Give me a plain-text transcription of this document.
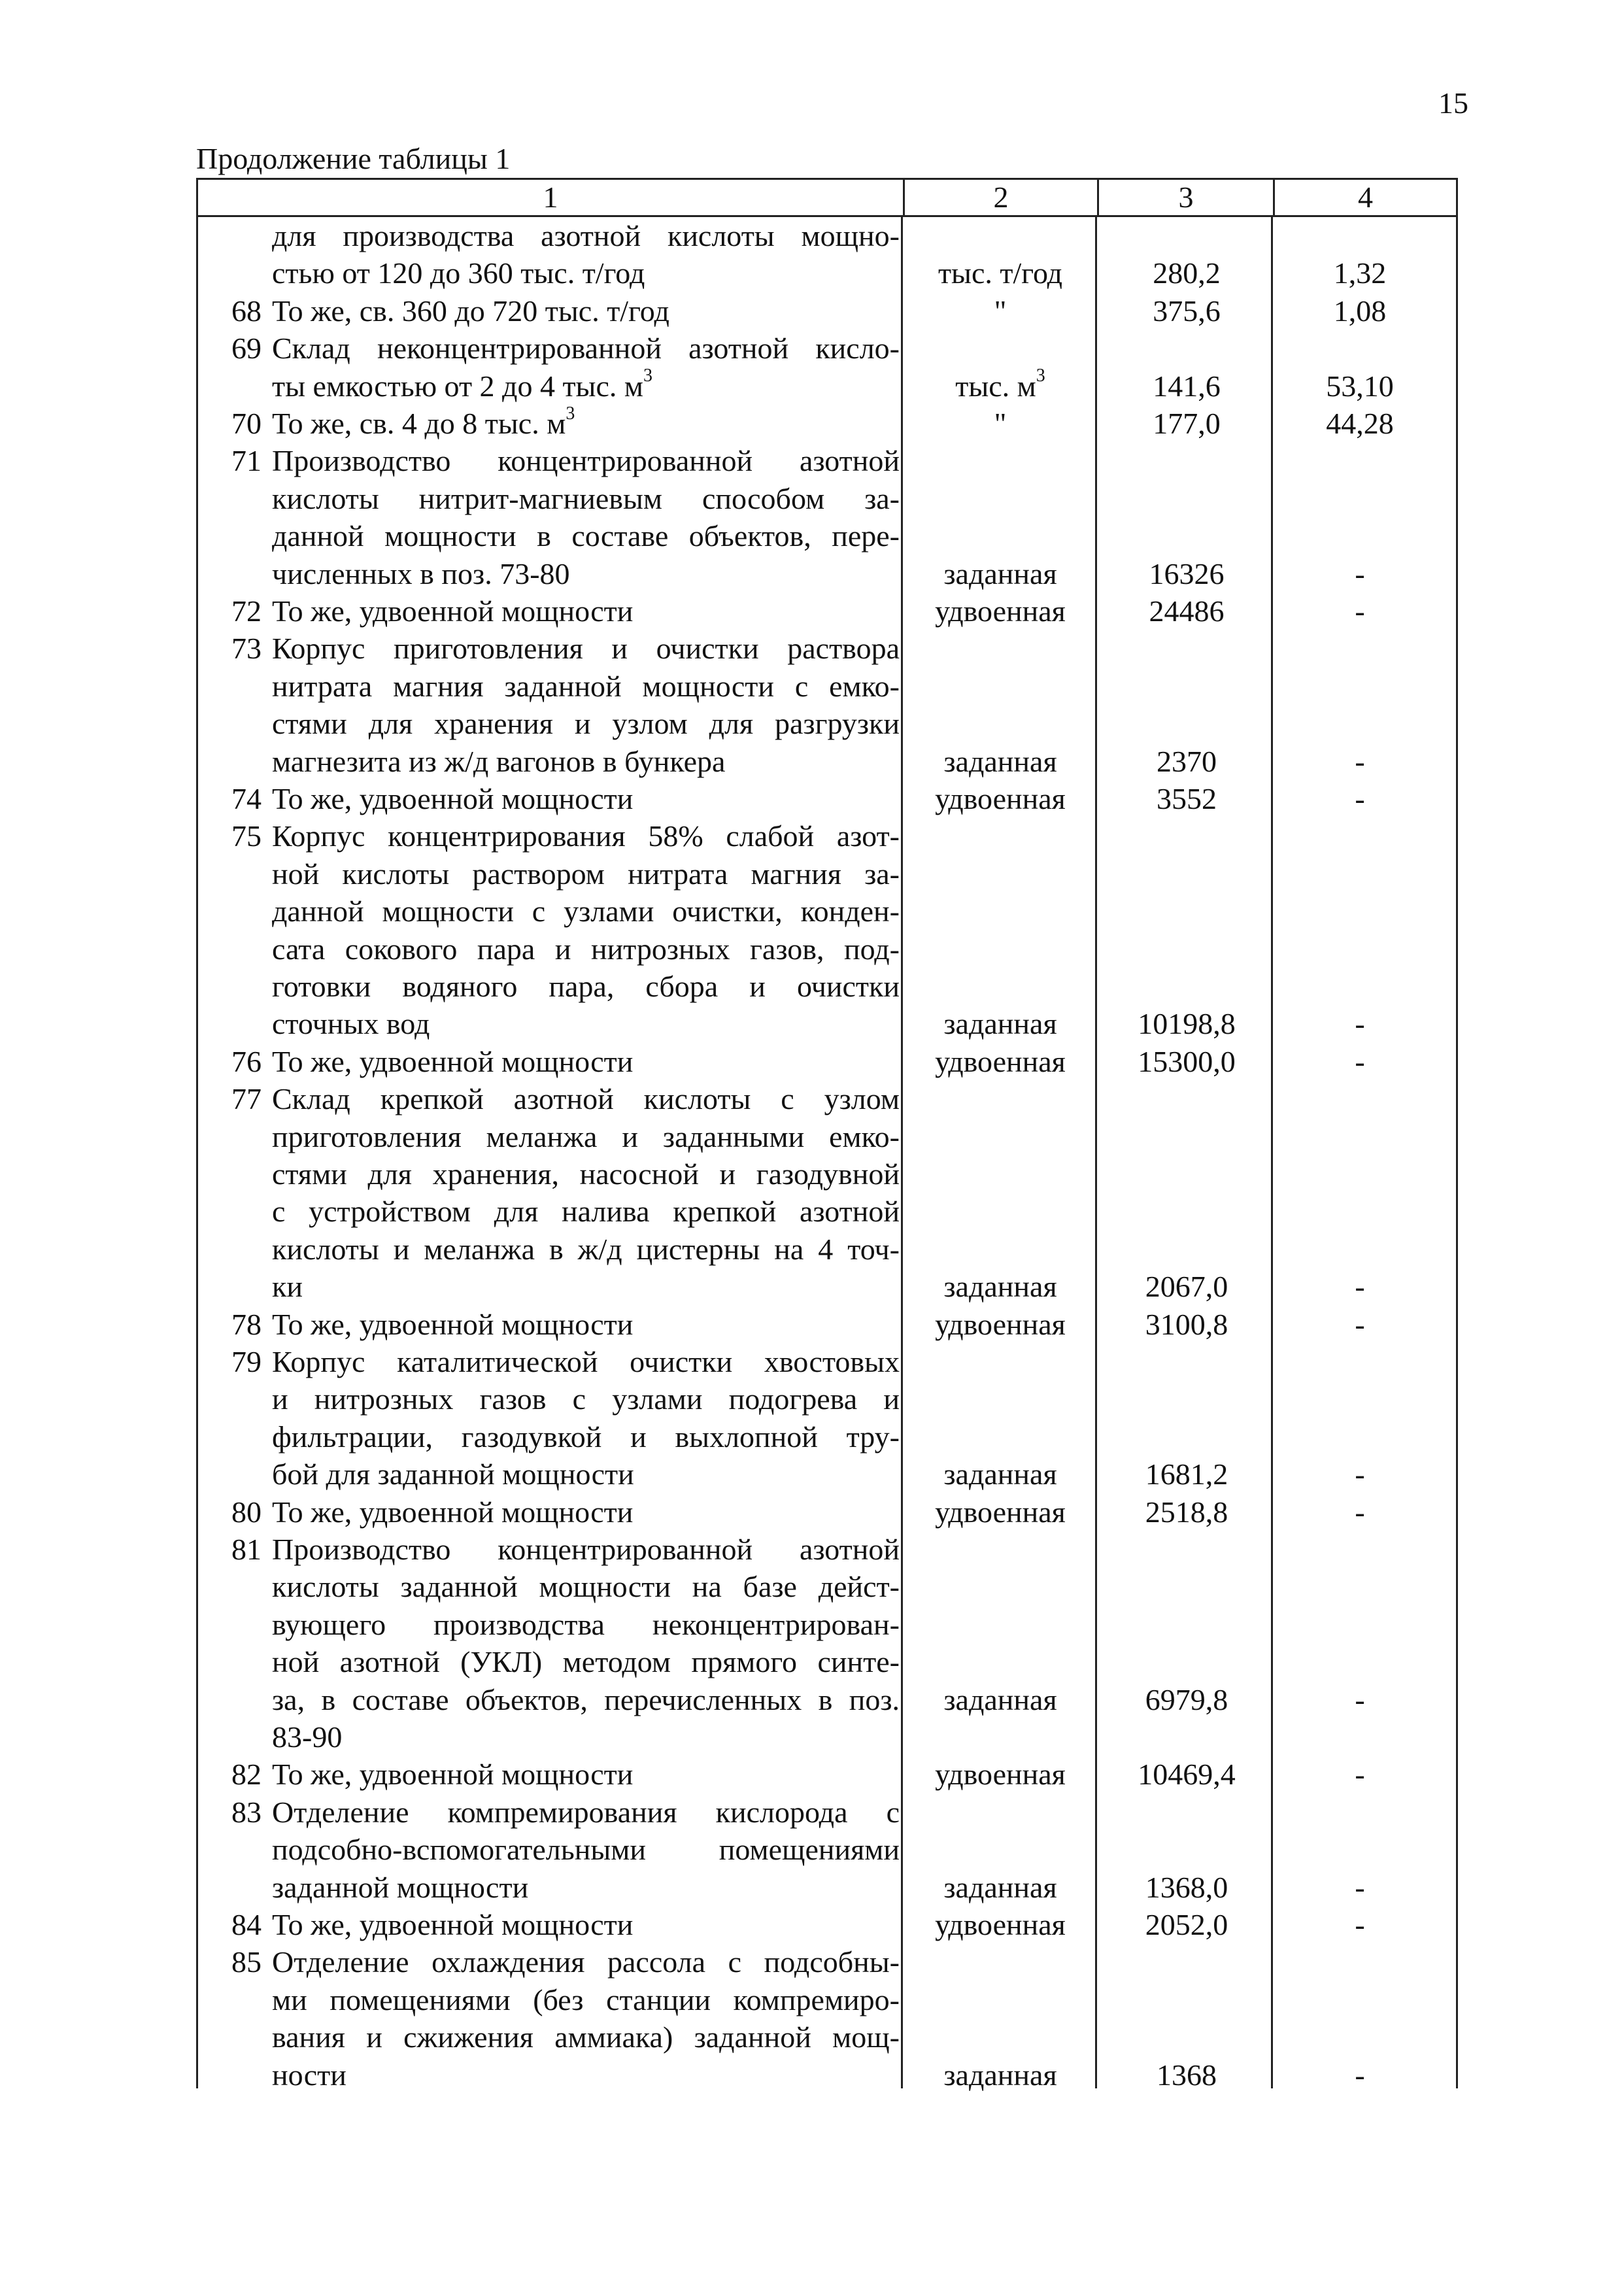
15
Продолжение таблицы 1
1	2	3	4
для производства азотной кислоты мощно-
стью от 120 до 360 тыс. т/год	тыс. т/год	280,2	1,32
68 То же, св. 360 до 720 тыс. т/год	"	375,6	1,08
69 Склад неконцентрированной азотной кисло-
ты емкостью от 2 до 4 тыс. $м^3$	тыс. $м^3$	141,6	53,10
70 То же, св. 4 до 8 тыс. $м^3$	"	177,0	44,28
71 Производство концентрированной азотной
кислоты нитрит-магниевым способом за-
данной мощности в составе объектов, пере-
численных в поз. 73-80	заданная	16326	-
72 То же, удвоенной мощности	удвоенная	24486	-
73 Корпус приготовления и очистки раствора
нитрата магния заданной мощности с емко-
стями для хранения и узлом для разгрузки
магнезита из ж/д вагонов в бункера	заданная	2370	-
74 То же, удвоенной мощности	удвоенная	3552	-
75 Корпус концентрирования 58% слабой азот-
ной кислоты раствором нитрата магния за-
данной мощности с узлами очистки, конден-
сата сокового пара и нитрозных газов, под-
готовки водяного пара, сбора и очистки
сточных вод	заданная	10198,8	-
76 То же, удвоенной мощности	удвоенная	15300,0	-
77 Склад крепкой азотной кислоты с узлом
приготовления меланжа и заданными емко-
стями для хранения, насосной и газодувной
с устройством для налива крепкой азотной
кислоты и меланжа в ж/д цистерны на 4 точ-
ки	заданная	2067,0	-
78 То же, удвоенной мощности	удвоенная	3100,8	-
79 Корпус каталитической очистки хвостовых
и нитрозных газов с узлами подогрева и
фильтрации, газодувкой и выхлопной тру-
бой для заданной мощности	заданная	1681,2	-
80 То же, удвоенной мощности	удвоенная	2518,8	-
81 Производство концентрированной азотной
кислоты заданной мощности на базе дейст-
вующего производства неконцентрирован-
ной азотной (УКЛ) методом прямого синте-
за, в составе объектов, перечисленных в поз.	заданная	6979,8	-
83-90
82 То же, удвоенной мощности	удвоенная	10469,4	-
83 Отделение компремирования кислорода с
подсобно-вспомогательными помещениями
заданной мощности	заданная	1368,0	-
84 То же, удвоенной мощности	удвоенная	2052,0	-
85 Отделение охлаждения рассола с подсобны-
ми помещениями (без станции компремиро-
вания и сжижения аммиака) заданной мощ-
ности	заданная	1368	-
